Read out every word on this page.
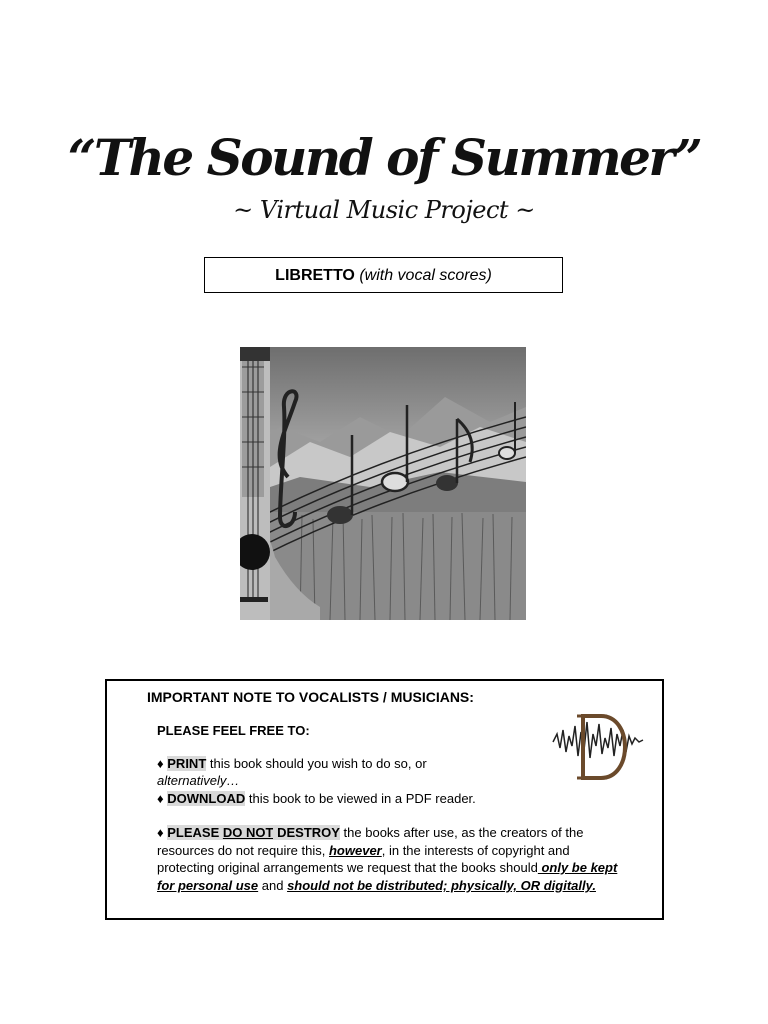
“The Sound of Summer”
~ Virtual Music Project ~
LIBRETTO (with vocal scores)
IMPORTANT NOTE TO VOCALISTS / MUSICIANS:
PLEASE FEEL FREE TO:
♦ PRINT this book should you wish to do so, or
alternatively…
♦ DOWNLOAD this book to be viewed in a PDF reader.
♦ PLEASE DO NOT DESTROY the books after use, as the creators of the
resources do not require this, however, in the interests of copyright and
protecting original arrangements we request that the books should only be kept
for personal use and should not be distributed; physically, OR digitally.
